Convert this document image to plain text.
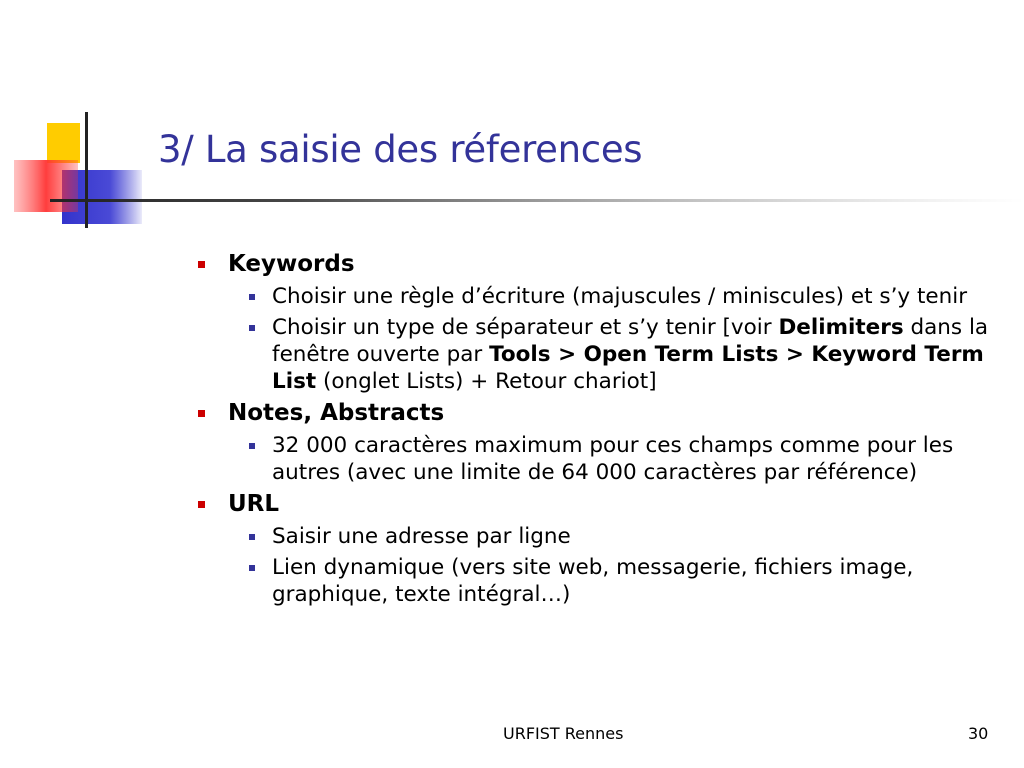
3/ La saisie des réferences
Keywords
Choisir une règle d’écriture (majuscules / miniscules) et s’y tenir
Choisir un type de séparateur et s’y tenir [voir Delimiters dans la fenêtre ouverte par Tools > Open Term Lists > Keyword Term List (onglet Lists) + Retour chariot]
Notes, Abstracts
32 000 caractères maximum pour ces champs comme pour les autres (avec une limite de 64 000 caractères par référence)
URL
Saisir une adresse par ligne
Lien dynamique (vers site web, messagerie, fichiers image, graphique, texte intégral…)
URFIST Rennes	30
